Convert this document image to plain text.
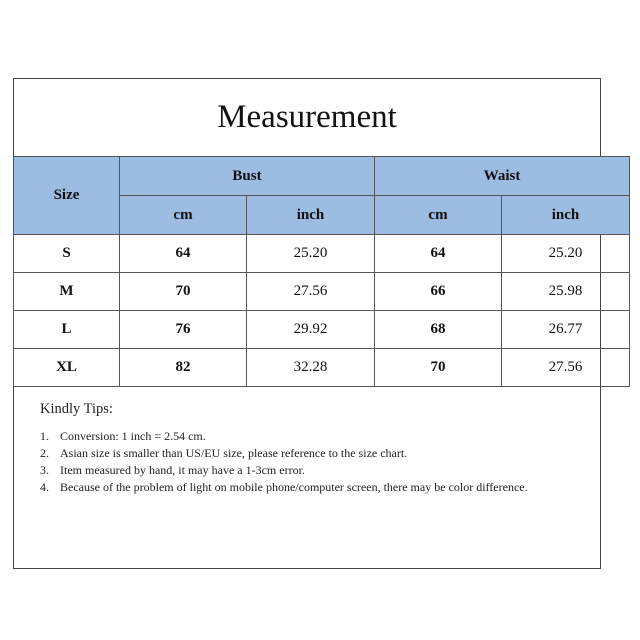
Measurement
Size	Bust		Waist	
	cm	inch	cm	inch
S	64	25.20	64	25.20
M	70	27.56	66	25.98
L	76	29.92	68	26.77
XL	82	32.28	70	27.56
Kindly Tips:
1. Conversion: 1 inch = 2.54 cm.
2. Asian size is smaller than US/EU size, please reference to the size chart.
3. Item measured by hand, it may have a 1-3cm error.
4. Because of the problem of light on mobile phone/computer screen, there may be color difference.
